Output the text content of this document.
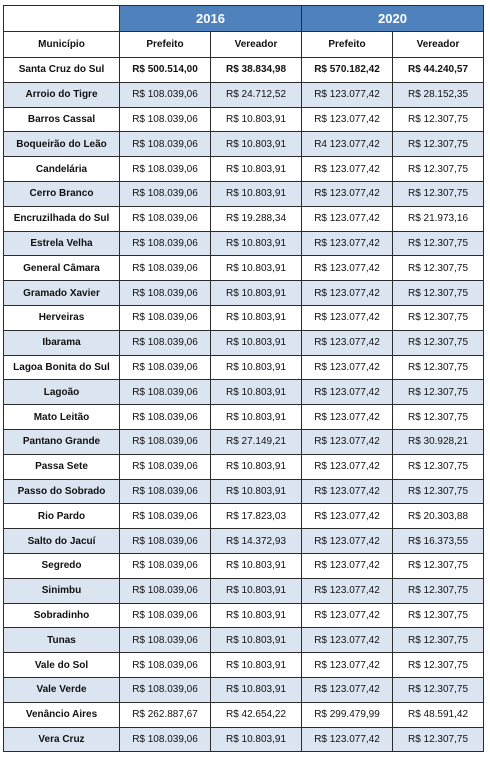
	2016		2020	
Município	Prefeito	Vereador	Prefeito	Vereador
Santa Cruz do Sul	R$ 500.514,00	R$ 38.834,98	R$ 570.182,42	R$ 44.240,57
Arroio do Tigre	R$ 108.039,06	R$ 24.712,52	R$ 123.077,42	R$ 28.152,35
Barros Cassal	R$ 108.039,06	R$ 10.803,91	R$ 123.077,42	R$ 12.307,75
Boqueirão do Leão	R$ 108.039,06	R$ 10.803,91	R4 123.077,42	R$ 12.307,75
Candelária	R$ 108.039,06	R$ 10.803,91	R$ 123.077,42	R$ 12.307,75
Cerro Branco	R$ 108.039,06	R$ 10.803,91	R$ 123.077,42	R$ 12.307,75
Encruzilhada do Sul	R$ 108.039,06	R$ 19.288,34	R$ 123.077,42	R$ 21.973,16
Estrela Velha	R$ 108.039,06	R$ 10.803,91	R$ 123.077,42	R$ 12.307,75
General Câmara	R$ 108.039,06	R$ 10.803,91	R$ 123.077,42	R$ 12.307,75
Gramado Xavier	R$ 108.039,06	R$ 10.803,91	R$ 123.077,42	R$ 12.307,75
Herveiras	R$ 108.039,06	R$ 10.803,91	R$ 123.077,42	R$ 12.307,75
Ibarama	R$ 108.039,06	R$ 10.803,91	R$ 123.077,42	R$ 12.307,75
Lagoa Bonita do Sul	R$ 108.039,06	R$ 10.803,91	R$ 123.077,42	R$ 12.307,75
Lagoão	R$ 108.039,06	R$ 10.803,91	R$ 123.077,42	R$ 12.307,75
Mato Leitão	R$ 108.039,06	R$ 10.803,91	R$ 123.077,42	R$ 12.307,75
Pantano Grande	R$ 108.039,06	R$ 27.149,21	R$ 123.077,42	R$ 30.928,21
Passa Sete	R$ 108.039,06	R$ 10.803,91	R$ 123.077,42	R$ 12.307,75
Passo do Sobrado	R$ 108.039,06	R$ 10.803,91	R$ 123.077,42	R$ 12.307,75
Rio Pardo	R$ 108.039,06	R$ 17.823,03	R$ 123.077,42	R$ 20.303,88
Salto do Jacuí	R$ 108.039,06	R$ 14.372,93	R$ 123.077,42	R$ 16.373,55
Segredo	R$ 108.039,06	R$ 10.803,91	R$ 123.077,42	R$ 12.307,75
Sinimbu	R$ 108.039,06	R$ 10.803,91	R$ 123.077,42	R$ 12.307,75
Sobradinho	R$ 108.039,06	R$ 10.803,91	R$ 123.077,42	R$ 12.307,75
Tunas	R$ 108.039,06	R$ 10.803,91	R$ 123.077,42	R$ 12.307,75
Vale do Sol	R$ 108.039,06	R$ 10.803,91	R$ 123.077,42	R$ 12.307,75
Vale Verde	R$ 108.039,06	R$ 10.803,91	R$ 123.077,42	R$ 12.307,75
Venâncio Aires	R$ 262.887,67	R$ 42.654,22	R$ 299.479,99	R$ 48.591,42
Vera Cruz	R$ 108.039,06	R$ 10.803,91	R$ 123.077,42	R$ 12.307,75
